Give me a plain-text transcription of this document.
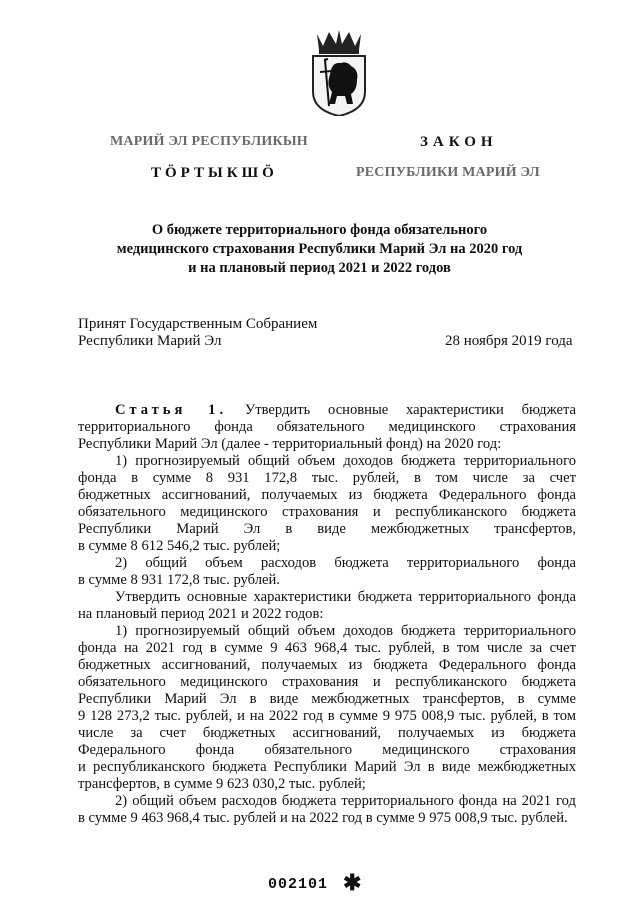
МАРИЙ ЭЛ РЕСПУБЛИКЫН
ТӦРТЫКШӦ
ЗАКОН
РЕСПУБЛИКИ МАРИЙ ЭЛ
О бюджете территориального фонда обязательного
медицинского страхования Республики Марий Эл на 2020 год
и на плановый период 2021 и 2022 годов
Принят Государственным Собранием
Республики Марий Эл	28 ноября 2019 года
Статья 1. Утвердить основные характеристики бюджета
территориального фонда обязательного медицинского страхования
Республики Марий Эл (далее - территориальный фонд) на 2020 год:
1) прогнозируемый общий объем доходов бюджета территориального
фонда в сумме 8 931 172,8 тыс. рублей, в том числе за счет
бюджетных ассигнований, получаемых из бюджета Федерального фонда
обязательного медицинского страхования и республиканского бюджета
Республики Марий Эл в виде межбюджетных трансфертов,
в сумме 8 612 546,2 тыс. рублей;
2) общий объем расходов бюджета территориального фонда
в сумме 8 931 172,8 тыс. рублей.
Утвердить основные характеристики бюджета территориального фонда
на плановый период 2021 и 2022 годов:
1) прогнозируемый общий объем доходов бюджета территориального
фонда на 2021 год в сумме 9 463 968,4 тыс. рублей, в том числе за счет
бюджетных ассигнований, получаемых из бюджета Федерального фонда
обязательного медицинского страхования и республиканского бюджета
Республики Марий Эл в виде межбюджетных трансфертов, в сумме
9 128 273,2 тыс. рублей, и на 2022 год в сумме 9 975 008,9 тыс. рублей, в том
числе за счет бюджетных ассигнований, получаемых из бюджета
Федерального фонда обязательного медицинского страхования
и республиканского бюджета Республики Марий Эл в виде межбюджетных
трансфертов, в сумме 9 623 030,2 тыс. рублей;
2) общий объем расходов бюджета территориального фонда на 2021 год
в сумме 9 463 968,4 тыс. рублей и на 2022 год в сумме 9 975 008,9 тыс. рублей.
002101 ✱
